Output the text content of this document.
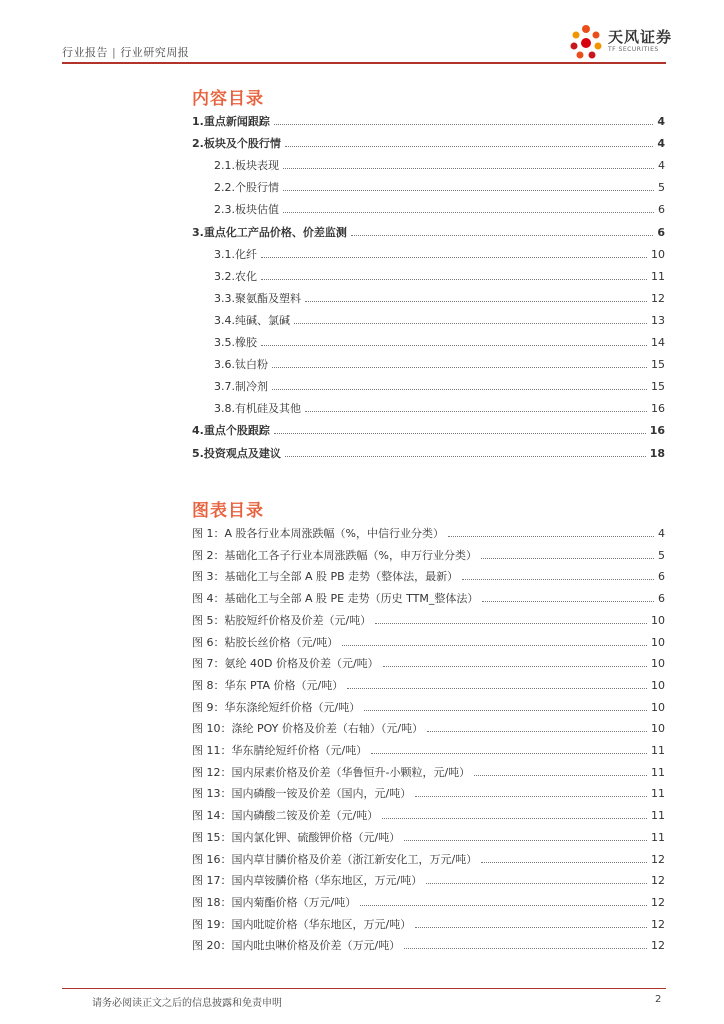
行业报告 | 行业研究周报
天风证券
TF SECURITIES
内容目录
1.重点新闻跟踪	4
2.板块及个股行情	4
2.1.板块表现	4
2.2.个股行情	5
2.3.板块估值	6
3.重点化工产品价格、价差监测	6
3.1.化纤	10
3.2.农化	11
3.3.聚氨酯及塑料	12
3.4.纯碱、氯碱	13
3.5.橡胶	14
3.6.钛白粉	15
3.7.制冷剂	15
3.8.有机硅及其他	16
4.重点个股跟踪	16
5.投资观点及建议	18
图表目录
图 1：A 股各行业本周涨跌幅（%，中信行业分类）	4
图 2：基础化工各子行业本周涨跌幅（%，申万行业分类）	5
图 3：基础化工与全部 A 股 PB 走势（整体法，最新）	6
图 4：基础化工与全部 A 股 PE 走势（历史 TTM_整体法）	6
图 5：粘胶短纤价格及价差（元/吨）	10
图 6：粘胶长丝价格（元/吨）	10
图 7：氨纶 40D 价格及价差（元/吨）	10
图 8：华东 PTA 价格（元/吨）	10
图 9：华东涤纶短纤价格（元/吨）	10
图 10：涤纶 POY 价格及价差（右轴）（元/吨）	10
图 11：华东腈纶短纤价格（元/吨）	11
图 12：国内尿素价格及价差（华鲁恒升-小颗粒，元/吨）	11
图 13：国内磷酸一铵及价差（国内，元/吨）	11
图 14：国内磷酸二铵及价差（元/吨）	11
图 15：国内氯化钾、硫酸钾价格（元/吨）	11
图 16：国内草甘膦价格及价差（浙江新安化工，万元/吨）	12
图 17：国内草铵膦价格（华东地区，万元/吨）	12
图 18：国内菊酯价格（万元/吨）	12
图 19：国内吡啶价格（华东地区，万元/吨）	12
图 20：国内吡虫啉价格及价差（万元/吨）	12
请务必阅读正文之后的信息披露和免责申明	2
